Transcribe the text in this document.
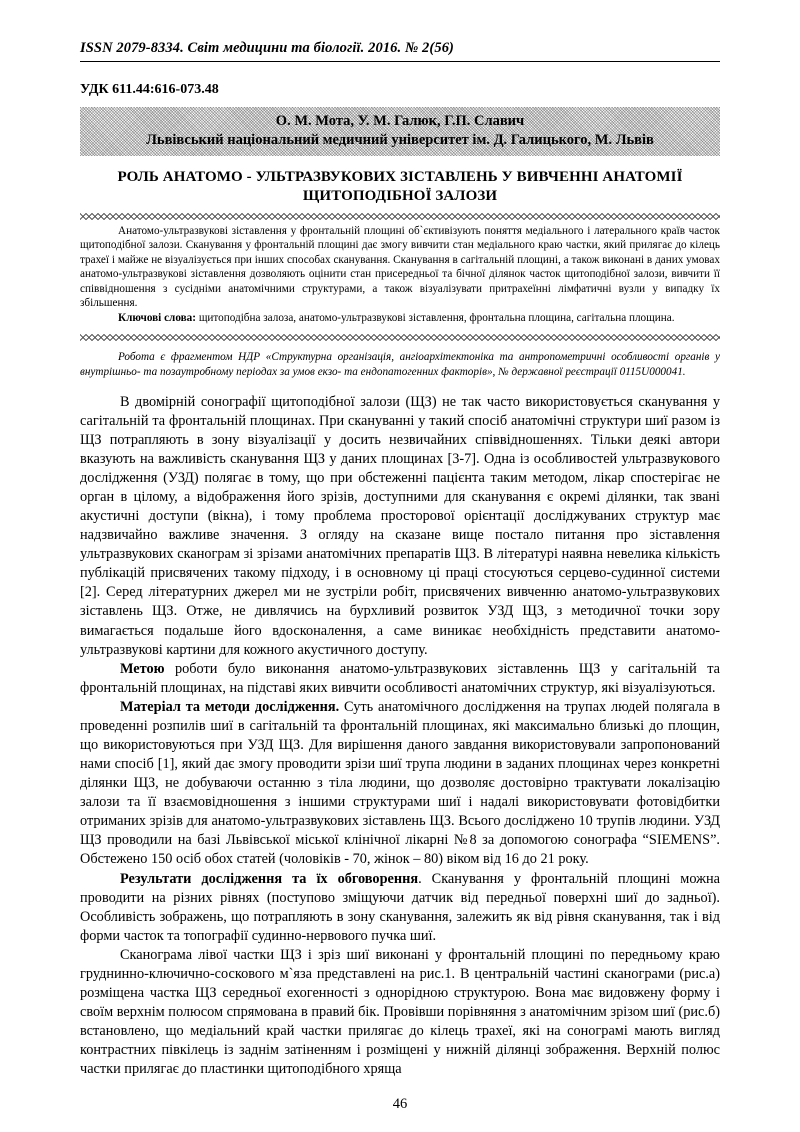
ISSN 2079-8334. Світ медицини та біології. 2016. № 2(56)
УДК 611.44:616-073.48
О. М. Мота, У. М. Галюк, Г.П. Славич
Львівський національний медичний університет ім. Д. Галицького, М. Львів
РОЛЬ АНАТОМО - УЛЬТРАЗВУКОВИХ ЗІСТАВЛЕНЬ У ВИВЧЕННІ АНАТОМІЇ
ЩИТОПОДІБНОЇ ЗАЛОЗИ

Анатомо-ультразвукові зіставлення у фронтальній площині об`єктивізують поняття медіального і латерального країв часток щитоподібної залози. Сканування у фронтальній площині дає змогу вивчити стан медіального краю частки, який прилягає до кілець трахеї і майже не візуалізується при інших способах сканування. Сканування в сагітальній площині, а також виконані в даних умовах анатомо-ультразвукові зіставлення дозволяють оцінити стан присередньої та бічної ділянок часток щитоподібної залози, вивчити її співвідношення з сусідніми анатомічними структурами, а також візуалізувати притрахеїнні лімфатичні вузли у випадку їх збільшення.

Ключові слова: щитоподібна залоза, анатомо-ультразвукові зіставлення, фронтальна площина, сагітальна площина.

Робота є фрагментом НДР «Структурна організація, ангіоархітектоніка та антропометричні особливості органів у внутрішньо- та позаутробному періодах за умов екзо- та ендопатогенних факторів», № державної реєстрації 0115U000041.

В двомірній сонографії щитоподібної залози (ЩЗ) не так часто використовується сканування у сагітальній та фронтальній площинах. При скануванні у такий спосіб анатомічні структури шиї разом із ЩЗ потрапляють в зону візуалізації у досить незвичайних співвідношеннях. Тільки деякі автори вказують на важливість сканування ЩЗ у даних площинах [3-7]. Одна із особливостей ультразвукового дослідження (УЗД) полягає в тому, що при обстеженні пацієнта таким методом, лікар спостерігає не орган в цілому, а відображення його зрізів, доступними для сканування є окремі ділянки, так звані акустичні доступи (вікна), і тому проблема просторової орієнтації досліджуваних структур має надзвичайно важливе значення. З огляду на сказане вище постало питання про зіставлення ультразвукових сканограм зі зрізами анатомічних препаратів ЩЗ. В літературі наявна невелика кількість публікацій присвячених такому підходу, і в основному ці праці стосуються серцево-судинної системи [2]. Серед літературних джерел ми не зустріли робіт, присвячених вивченню анатомо-ультразвукових зіставлень ЩЗ. Отже, не дивлячись на бурхливий розвиток УЗД ЩЗ, з методичної точки зору вимагається подальше його вдосконалення, а саме виникає необхідність представити анатомо-ультразвукові картини для кожного акустичного доступу.

Метою роботи було виконання анатомо-ультразвукових зіставленнь ЩЗ у сагітальній та фронтальній площинах, на підставі яких вивчити особливості анатомічних структур, які візуалізуються.

Матеріал та методи дослідження. Суть анатомічного дослідження на трупах людей полягала в проведенні розпилів шиї в сагітальній та фронтальній площинах, які максимально близькі до площин, що використовуються при УЗД ЩЗ. Для вирішення даного завдання використовували запропонований нами спосіб [1], який дає змогу проводити зрізи шиї трупа людини в заданих площинах через конкретні ділянки ЩЗ, не добуваючи останню з тіла людини, що дозволяє достовірно трактувати локалізацію залози та її взаємовідношення з іншими структурами шиї і надалі використовувати фотовідбитки отриманих зрізів для анатомо-ультразвукових зіставлень ЩЗ. Всього досліджено 10 трупів людини. УЗД ЩЗ проводили на базі Львівської міської клінічної лікарні №8 за допомогою сонографа “SIEMENS”. Обстежено 150 осіб обох статей (чоловіків - 70, жінок – 80) віком від 16 до 21 року.

Результати дослідження та їх обговорення. Сканування у фронтальній площині можна проводити на різних рівнях (поступово зміщуючи датчик від передньої поверхні шиї до задньої). Особливість зображень, що потрапляють в зону сканування, залежить як від рівня сканування, так і від форми часток та топографії судинно-нервового пучка шиї.

Сканограма лівої частки ЩЗ і зріз шиї виконані у фронтальній площині по передньому краю груднинно-ключично-соскового м`яза представлені на рис.1. В центральній частині сканограми (рис.а) розміщена частка ЩЗ середньої ехогенності з однорідною структурою. Вона має видовжену форму і своїм верхнім полюсом спрямована в правий бік. Провівши порівняння з анатомічним зрізом шиї (рис.б) встановлено, що медіальний край частки прилягає до кілець трахеї, які на сонограмі мають вигляд контрастних півкілець із заднім затіненням і розміщені у нижній ділянці зображення. Верхній полюс частки прилягає до пластинки щитоподібного хряща

46
